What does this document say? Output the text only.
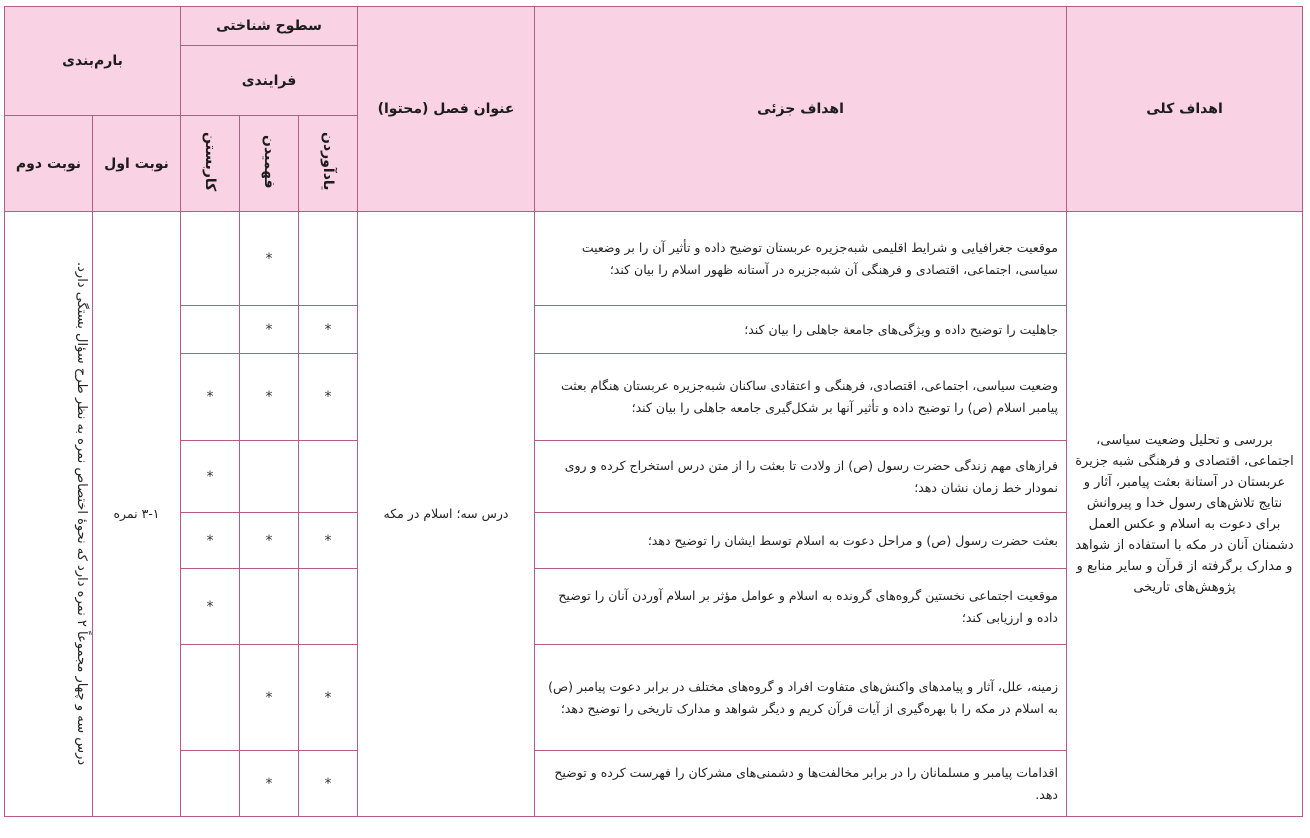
اهداف کلی	اهداف جزئی	عنوان فصل (محتوا)	سطوح شناختی			بارم‌بندی	
			فرایندی				
			یادآوردن	فهمیدن	کاربستن	نوبت اول	نوبت دوم
بررسی و تحلیل وضعیت سیاسی، اجتماعی، اقتصادی و فرهنگی شبه جزیرة عربستان در آستانة بعثت پیامبر، آثار و نتایج تلاش‌های رسول خدا و پیروانش برای دعوت به اسلام و عکس العمل دشمنان آنان در مکه با استفاده از شواهد و مدارک برگرفته از قرآن و سایر منابع و پژوهش‌های تاریخی	موقعیت جغرافیایی و شرایط اقلیمی شبه‌جزیره عربستان توضیح داده و تأثیر آن را بر وضعیت سیاسی، اجتماعی، اقتصادی و فرهنگی آن شبه‌جزیره در آستانه ظهور اسلام را بیان کند؛	درس سه؛ اسلام در مکه		*		۳-۱ نمره	درس سه و چهار مجموعاً ۲ نمره دارد که نحوۀ اختصاص نمره به نظر طرح سؤال بستگی دارد.

	جاهلیت را توضیح داده و ویژگی‌های جامعة جاهلی را بیان کند؛		*	*			
	وضعیت سیاسی، اجتماعی، اقتصادی، فرهنگی و اعتقادی ساکنان شبه‌جزیره عربستان هنگام بعثت پیامبر اسلام (ص) را توضیح داده و تأثیر آنها بر شکل‌گیری جامعه جاهلی را بیان کند؛		*	*	*		
	فرازهای مهم زندگی حضرت رسول (ص) از ولادت تا بعثت را از متن درس استخراج کرده و روی نمودار خط زمان نشان دهد؛				*		
	بعثت حضرت رسول (ص) و مراحل دعوت به اسلام توسط ایشان را توضیح دهد؛		*	*	*		
	موقعیت اجتماعی نخستین گروه‌های گرونده به اسلام و عوامل مؤثر بر اسلام آوردن آنان را توضیح داده و ارزیابی کند؛				*		
	زمینه، علل، آثار و پیامدهای واکنش‌های متفاوت افراد و گروه‌های مختلف در برابر دعوت پیامبر (ص) به اسلام در مکه را با بهره‌گیری از آیات قرآن کریم و دیگر شواهد و مدارک تاریخی را توضیح دهد؛		*	*			
	اقدامات پیامبر و مسلمانان را در برابر مخالفت‌ها و دشمنی‌های مشرکان را فهرست کرده و توضیح دهد.		*	*			
